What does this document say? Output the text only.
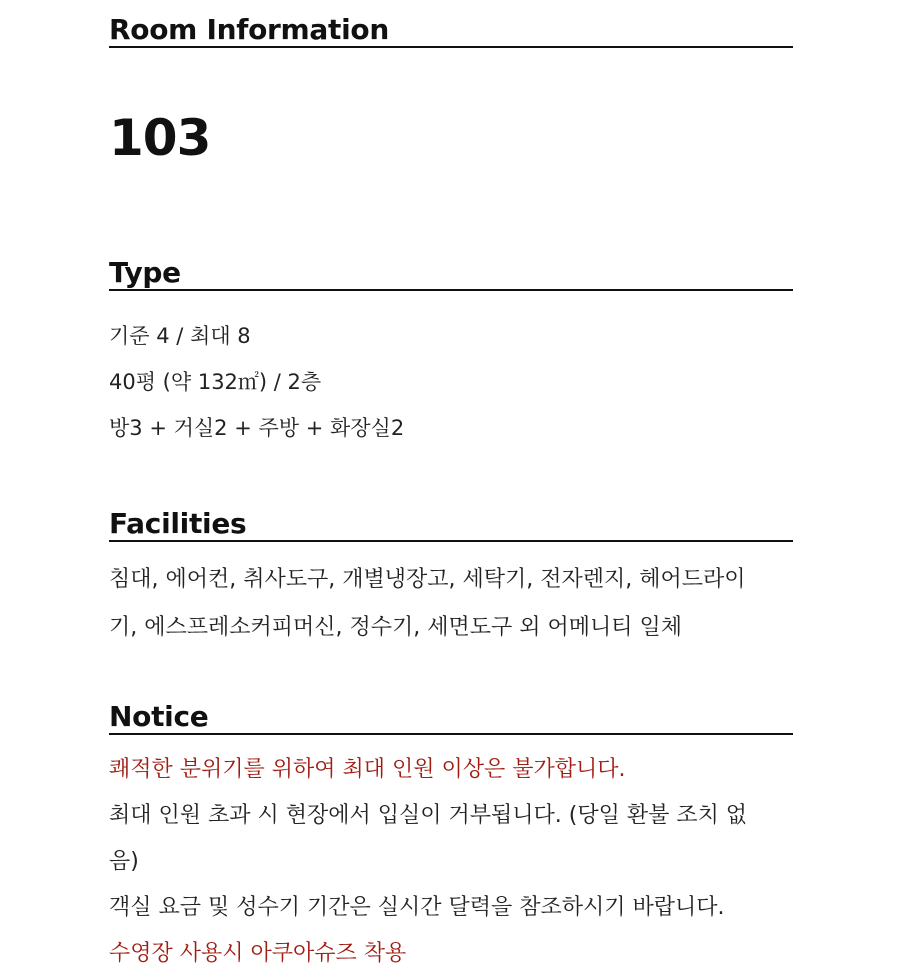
Room Information
103
Type
기준 4 / 최대 8
40평 (약 132㎡) / 2층
방3 + 거실2 + 주방 + 화장실2
Facilities
침대, 에어컨, 취사도구, 개별냉장고, 세탁기, 전자렌지, 헤어드라이
기, 에스프레소커피머신, 정수기, 세면도구 외 어메니티 일체
Notice
쾌적한 분위기를 위하여 최대 인원 이상은 불가합니다.
최대 인원 초과 시 현장에서 입실이 거부됩니다. (당일 환불 조치 없
음)
객실 요금 및 성수기 기간은 실시간 달력을 참조하시기 바랍니다.
수영장 사용시 아쿠아슈즈 착용
